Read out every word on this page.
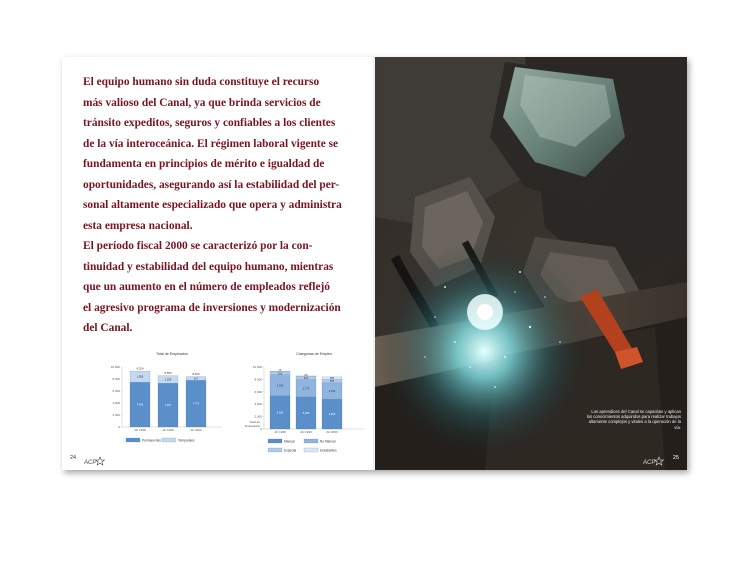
El equipo humano sin duda constituye el recurso
más valioso del Canal, ya que brinda servicios de
tránsito expeditos, seguros y confiables a los clientes
de la vía interoceánica. El régimen laboral vigente se
fundamenta en principios de mérito e igualdad de
oportunidades, asegurando así la estabilidad del per-
sonal altamente especializado que opera y administra
esta empresa nacional.

El período fiscal 2000 se caracterizó por la con-
tinuidad y estabilidad del equipo humano, mientras
que un aumento en el número de empleados reflejó
el agresivo programa de inversiones y modernización
del Canal.

Total de Empleados
0
2,000
4,000
6,000
8,000
10,000
7,466
1,858
9,324
AF 1998
7,297
1,258
8,555
AF 1999
7,773
627
8,400
AF 2000
Permanentes	Temporales
Categorías de Empleo
0
2,000
4,000
6,000
8,000
10,000
Total de
Empleados
5,366
3,366
516
76
AF 1998
5,183
2,770
513
89
AF 1999
4,816
2,616
583
385
AF 2000
Manual	No Manual
Especial	Estudiantes
24
ACP
Los aprendices del Canal se capacitan y aplican los conocimientos adquiridos para realizar trabajos altamente complejos y vitales a la operación de la vía.
ACP
25
